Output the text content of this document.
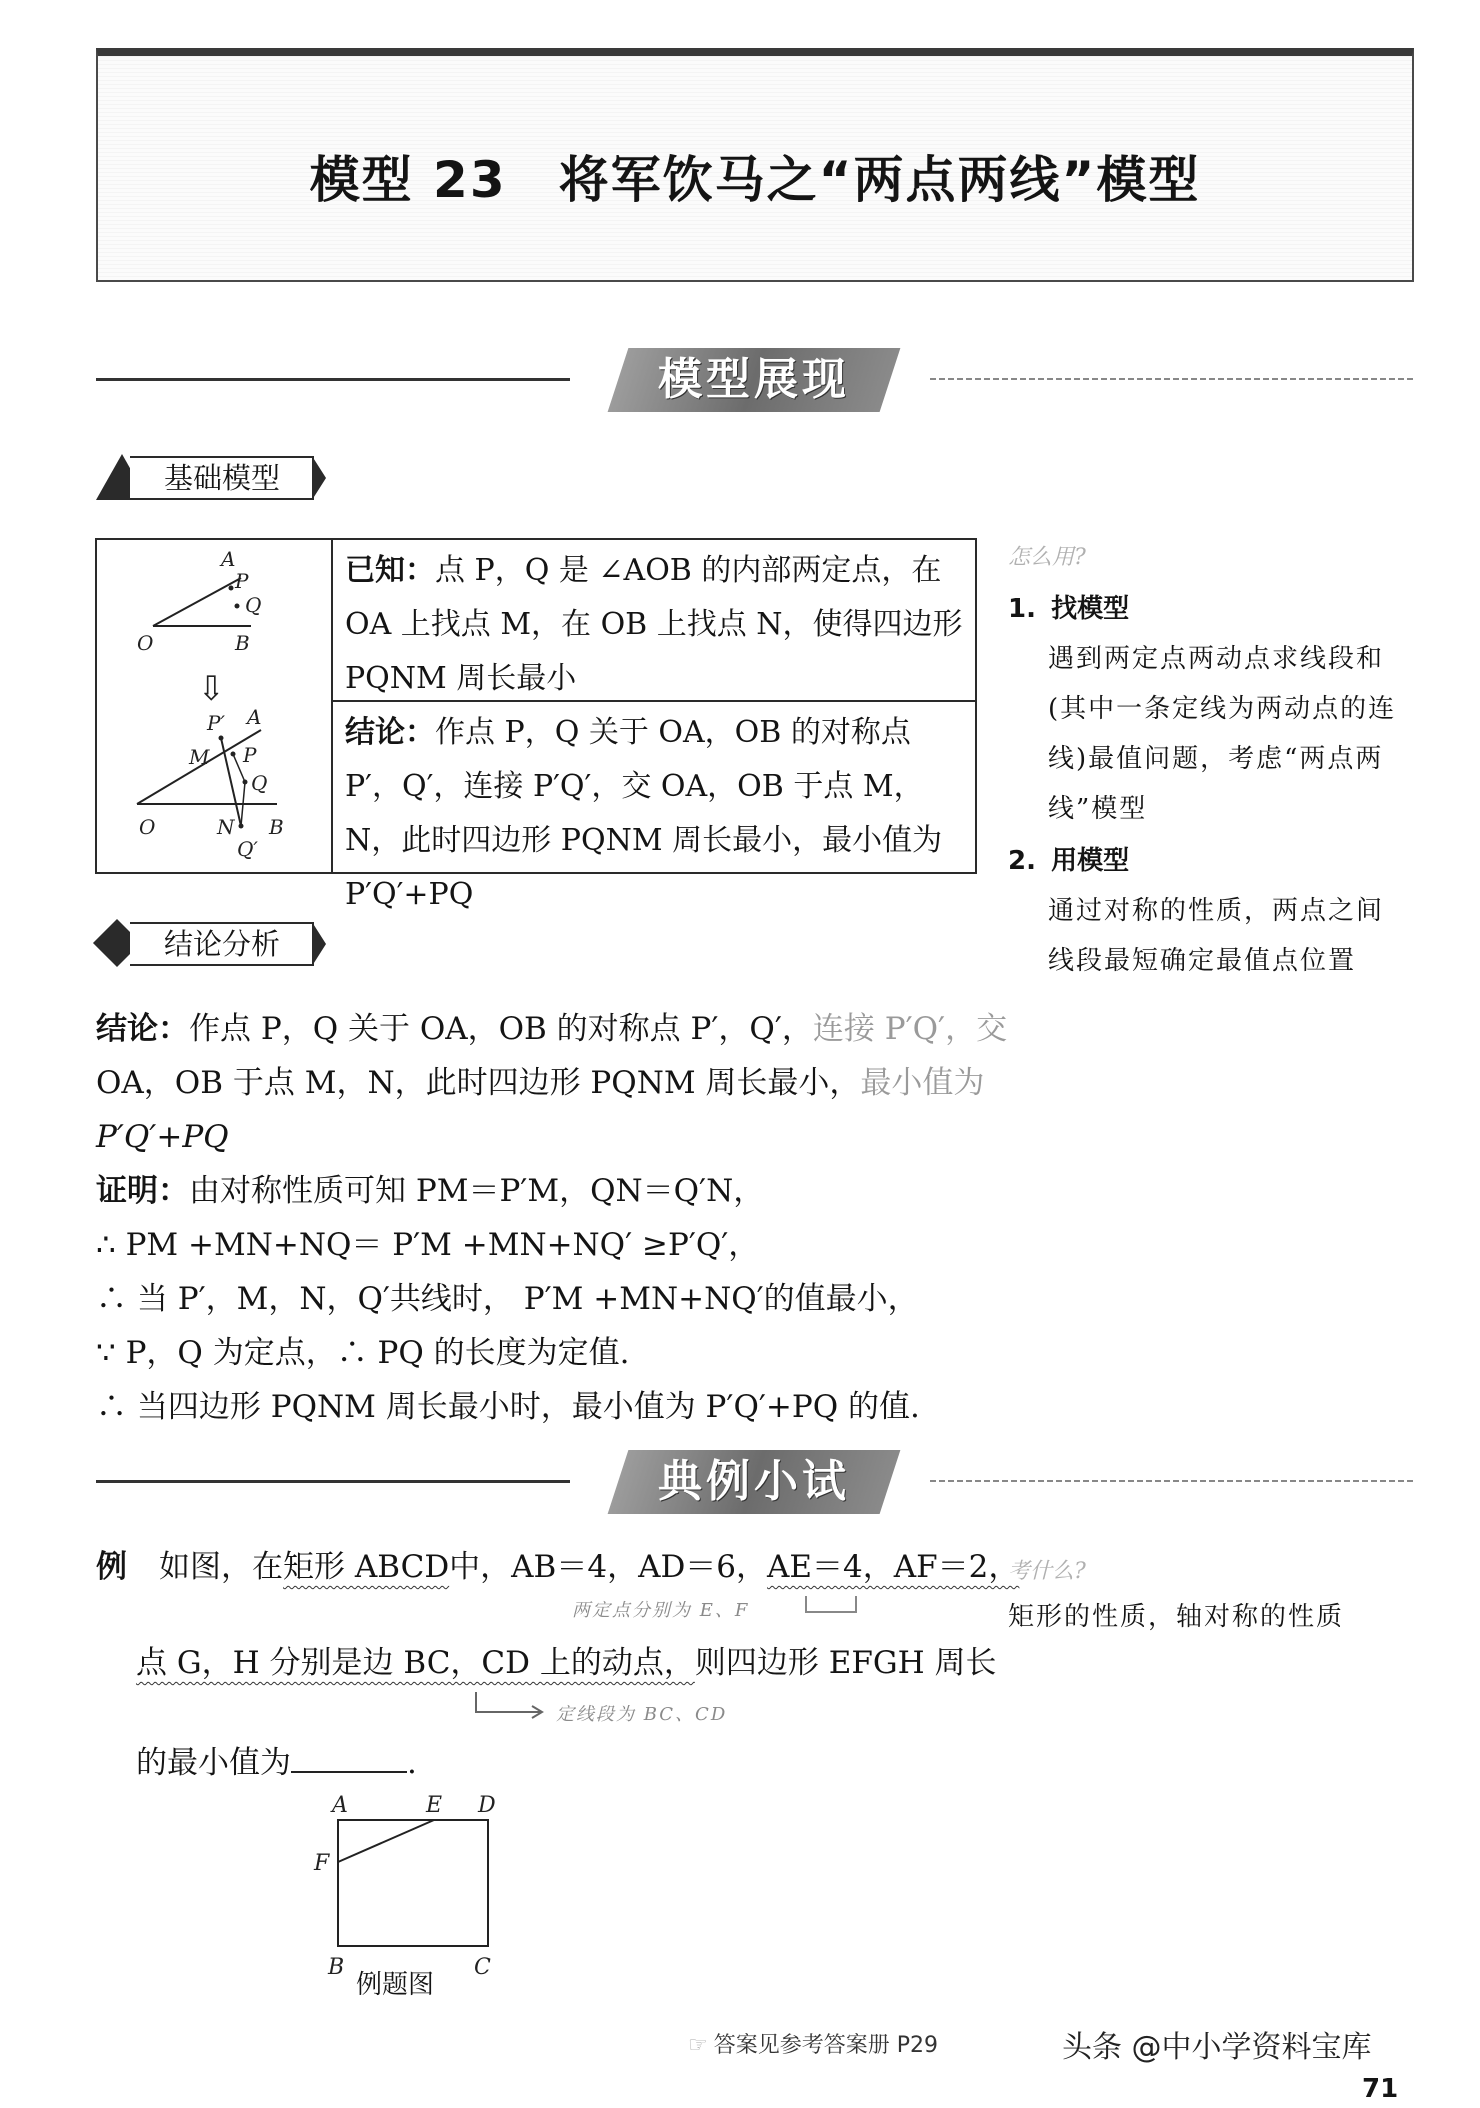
模型 23　将军饮马之“两点两线”模型
模型展现
基础模型
A
P
Q
O	B
⇩
P′ A
M P
Q
O	N B
Q′
已知：点 P，Q 是 ∠AOB 的内部两定点，在 OA 上找点 M，在 OB 上找点 N，使得四边形 PQNM 周长最小
结论：作点 P，Q 关于 OA，OB 的对称点 P′，Q′，连接 P′Q′，交 OA，OB 于点 M，N，此时四边形 PQNM 周长最小，最小值为P′Q′+PQ
怎么用?
1. 找模型
遇到两定点两动点求线段和(其中一条定线为两动点的连线)最值问题，考虑“两点两线”模型
2. 用模型
通过对称的性质，两点之间线段最短确定最值点位置
结论分析
结论：作点 P，Q 关于 OA，OB 的对称点 P′，Q′，连接 P′Q′，交
OA，OB 于点 M，N，此时四边形 PQNM 周长最小，最小值为
P′Q′+PQ
证明：由对称性质可知 PM＝P′M，QN＝Q′N，
∴ PM +MN+NQ＝ P′M +MN+NQ′ ≥P′Q′，
∴ 当 P′，M，N，Q′共线时， P′M +MN+NQ′的值最小，
∵ P，Q 为定点，∴ PQ 的长度为定值.
∴ 当四边形 PQNM 周长最小时，最小值为 P′Q′+PQ 的值.
典例小试
例 如图，在矩形 ABCD中，AB＝4，AD＝6，AE＝4，AF＝2，
两定点分别为 E、F
点 G，H 分别是边 BC，CD 上的动点，则四边形 EFGH 周长
定线段为 BC、CD
的最小值为	.
A	E D
F
B	C
例题图
考什么?
矩形的性质，轴对称的性质
☞ 答案见参考答案册 P29	头条 @中小学资料宝库
71
